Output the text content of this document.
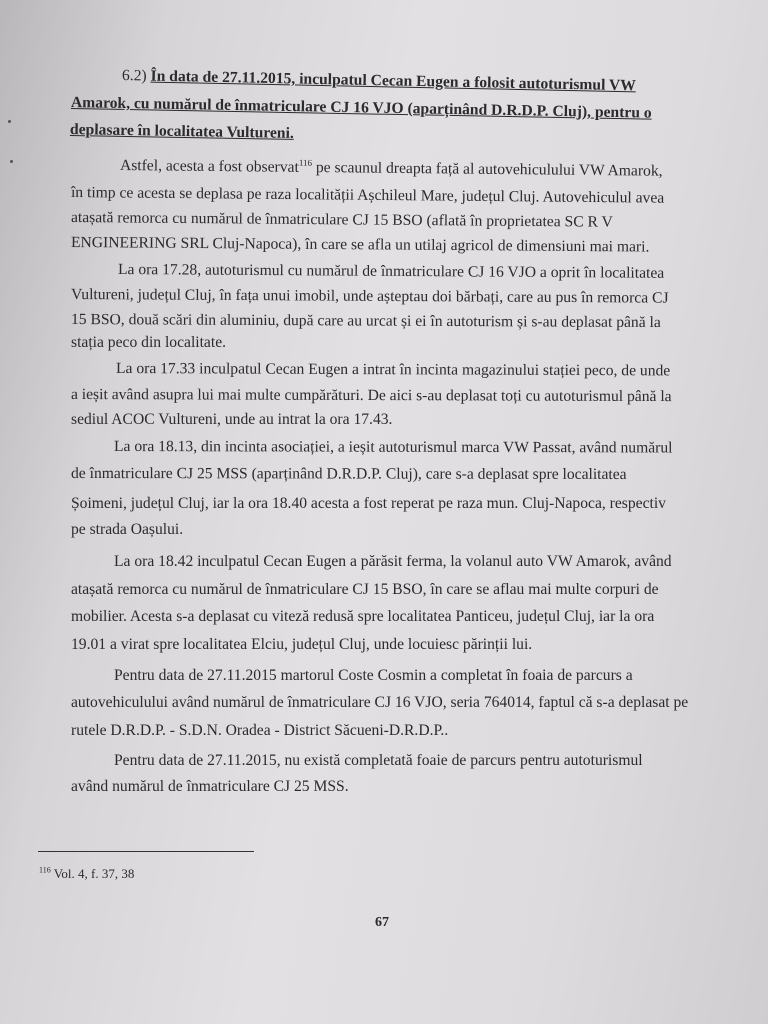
6.2) În data de 27.11.2015, inculpatul Cecan Eugen a folosit autoturismul VW
Amarok, cu numărul de înmatriculare CJ 16 VJO (aparținând D.R.D.P. Cluj), pentru o
deplasare în localitatea Vultureni.
Astfel, acesta a fost observat$^{116}$ pe scaunul dreapta față al autovehiculului VW Amarok,
în timp ce acesta se deplasa pe raza localității Așchileul Mare, județul Cluj. Autovehiculul avea
atașată remorca cu numărul de înmatriculare CJ 15 BSO (aflată în proprietatea SC R V
ENGINEERING SRL Cluj-Napoca), în care se afla un utilaj agricol de dimensiuni mai mari.
La ora 17.28, autoturismul cu numărul de înmatriculare CJ 16 VJO a oprit în localitatea
Vultureni, județul Cluj, în fața unui imobil, unde așteptau doi bărbați, care au pus în remorca CJ
15 BSO, două scări din aluminiu, după care au urcat și ei în autoturism și s-au deplasat până la
stația peco din localitate.
La ora 17.33 inculpatul Cecan Eugen a intrat în incinta magazinului stației peco, de unde
a ieșit având asupra lui mai multe cumpărături. De aici s-au deplasat toți cu autoturismul până la
sediul ACOC Vultureni, unde au intrat la ora 17.43.
La ora 18.13, din incinta asociației, a ieșit autoturismul marca VW Passat, având numărul
de înmatriculare CJ 25 MSS (aparținând D.R.D.P. Cluj), care s-a deplasat spre localitatea
Șoimeni, județul Cluj, iar la ora 18.40 acesta a fost reperat pe raza mun. Cluj-Napoca, respectiv
pe strada Oașului.
La ora 18.42 inculpatul Cecan Eugen a părăsit ferma, la volanul auto VW Amarok, având
atașată remorca cu numărul de înmatriculare CJ 15 BSO, în care se aflau mai multe corpuri de
mobilier. Acesta s-a deplasat cu viteză redusă spre localitatea Panticeu, județul Cluj, iar la ora
19.01 a virat spre localitatea Elciu, județul Cluj, unde locuiesc părinții lui.
Pentru data de 27.11.2015 martorul Coste Cosmin a completat în foaia de parcurs a
autovehiculului având numărul de înmatriculare CJ 16 VJO, seria 764014, faptul că s-a deplasat pe
rutele D.R.D.P. - S.D.N. Oradea - District Săcueni-D.R.D.P..
Pentru data de 27.11.2015, nu există completată foaie de parcurs pentru autoturismul
având numărul de înmatriculare CJ 25 MSS.
$^{116}$ Vol. 4, f. 37, 38
67
